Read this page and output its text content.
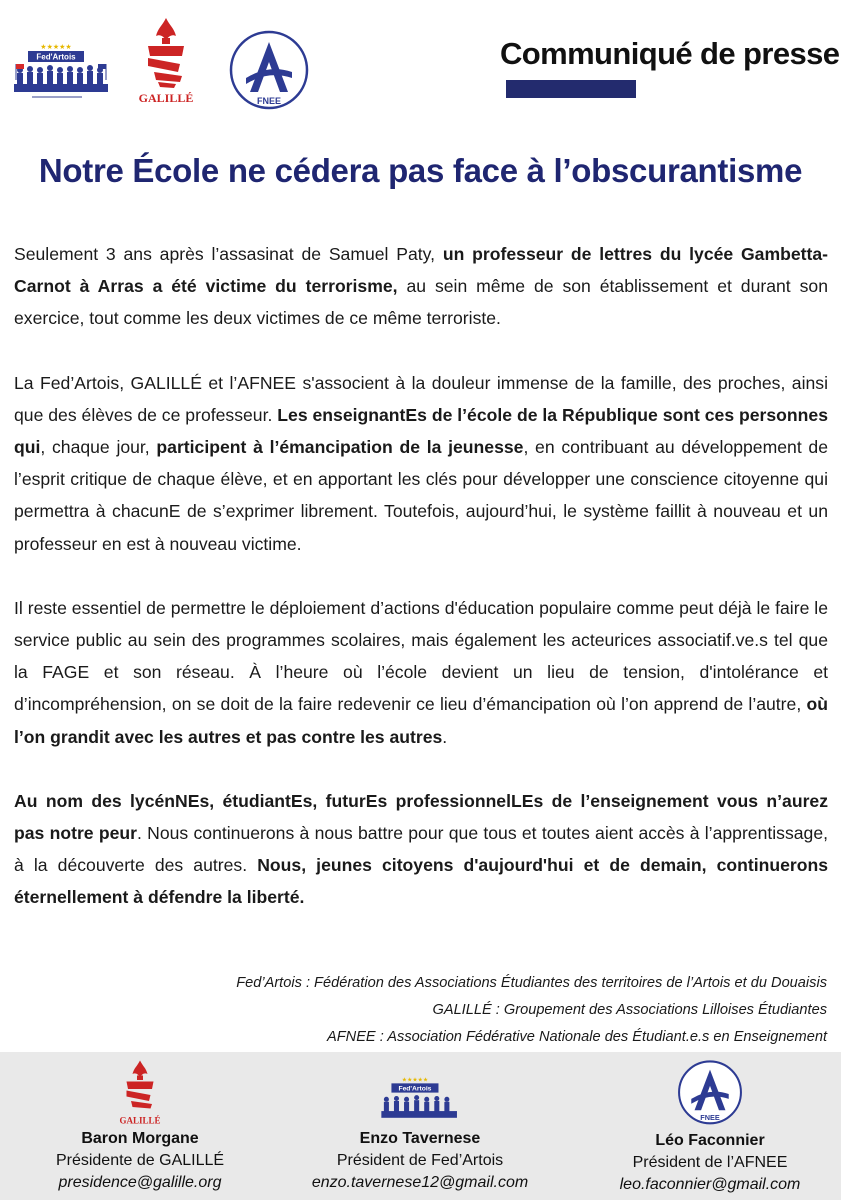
★★★★★
Fed'Artois
GALILLÉ	FNEE
Communiqué de presse
Notre École ne cédera pas face à l’obscurantisme

Seulement 3 ans après l’assasinat de Samuel Paty, un professeur de lettres du lycée Gambetta-Carnot à Arras a été victime du terrorisme, au sein même de son établissement et durant son exercice, tout comme les deux victimes de ce même terroriste.

La Fed’Artois, GALILLÉ et l’AFNEE s'associent à la douleur immense de la famille, des proches, ainsi que des élèves de ce professeur. Les enseignantEs de l’école de la République sont ces personnes qui, chaque jour, participent à l’émancipation de la jeunesse, en contribuant au développement de l’esprit critique de chaque élève, et en apportant les clés pour développer une conscience citoyenne qui permettra à chacunE de s’exprimer librement. Toutefois, aujourd’hui, le système faillit à nouveau et un professeur en est à nouveau victime.

Il reste essentiel de permettre le déploiement d’actions d'éducation populaire comme peut déjà le faire le service public au sein des programmes scolaires, mais également les acteurices associatif.ve.s tel que la FAGE et son réseau. À l’heure où l’école devient un lieu de tension, d'intolérance et d’incompréhension, on se doit de la faire redevenir ce lieu d’émancipation où l’on apprend de l’autre, où l’on grandit avec les autres et pas contre les autres.

Au nom des lycénNEs, étudiantEs, futurEs professionnelLEs de l’enseignement vous n’aurez pas notre peur. Nous continuerons à nous battre pour que tous et toutes aient accès à l’apprentissage, à la découverte des autres. Nous, jeunes citoyens d'aujourd'hui et de demain, continuerons éternellement à défendre la liberté.

Fed’Artois : Fédération des Associations Étudiantes des territoires de l’Artois et du Douaisis
GALILLÉ : Groupement des Associations Lilloises Étudiantes
AFNEE : Association Fédérative Nationale des Étudiant.e.s en Enseignement
GALILLÉ
Baron Morgane
Présidente de GALILLÉ
presidence@galille.org
★★★★★
Fed'Artois
Enzo Tavernese
Président de Fed’Artois
enzo.tavernese12@gmail.com
FNEE
Léo Faconnier
Président de l’AFNEE
leo.faconnier@gmail.com
